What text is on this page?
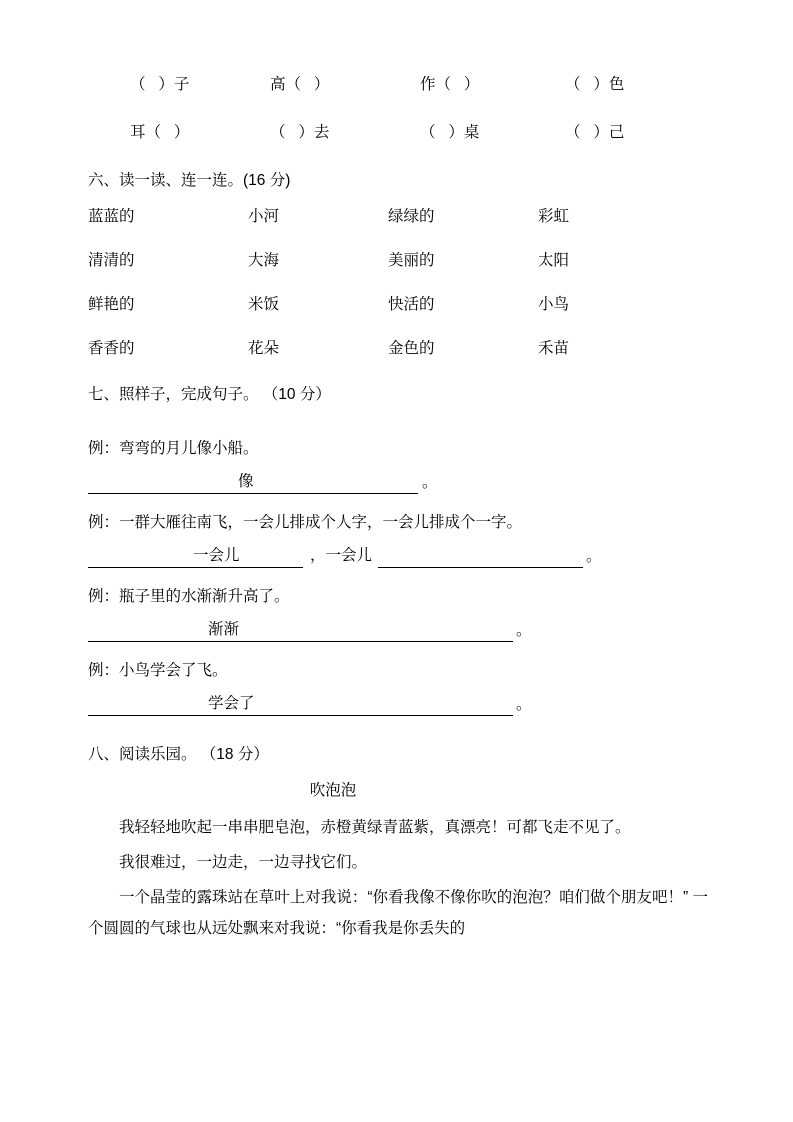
（   ）子	高（   ）	作（   ）	（   ）色
耳（   ）	（   ）去	（   ）桌	（   ）己

六、读一读、连一连。(16 分)

蓝蓝的	小河	绿绿的	彩虹
清清的	大海	美丽的	太阳
鲜艳的	米饭	快活的	小鸟
香香的	花朵	金色的	禾苗

七、照样子，完成句子。 （10 分）

例：弯弯的月儿像小船。

像	。

例：一群大雁往南飞，一会儿排成个人字，一会儿排成个一字。

一会儿	，一会儿	。

例：瓶子里的水渐渐升高了。

渐渐	。

例：小鸟学会了飞。

学会了	。

八、阅读乐园。 （18 分）

吹泡泡

我轻轻地吹起一串串肥皂泡，赤橙黄绿青蓝紫，真漂亮！可都飞走不见了。

我很难过，一边走，一边寻找它们。

一个晶莹的露珠站在草叶上对我说：“你看我像不像你吹的泡泡？咱们做个朋友吧！” 一个圆圆的气球也从远处飘来对我说：“你看我是你丢失的
